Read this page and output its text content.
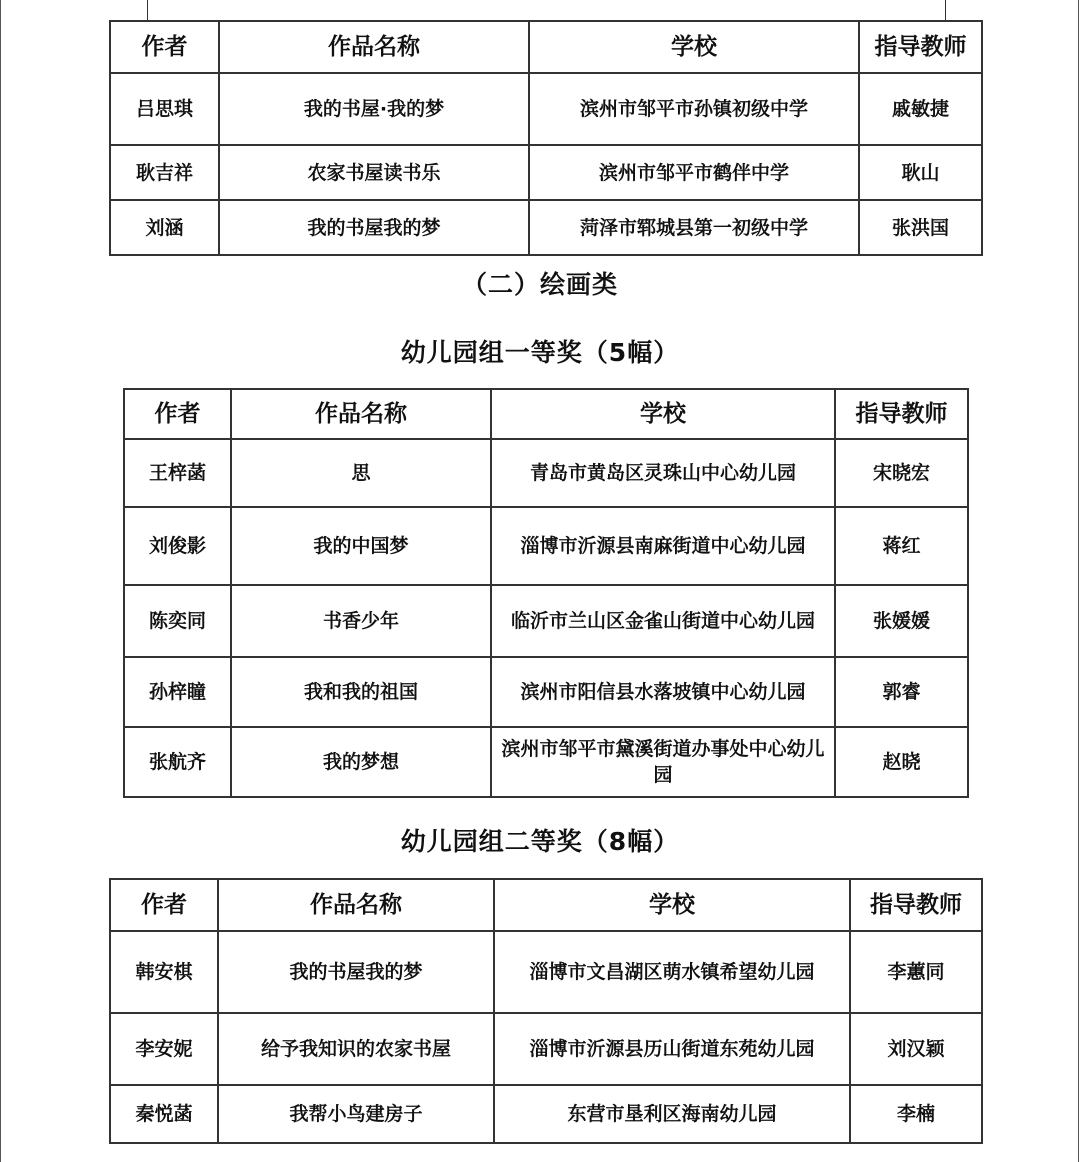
作者	作品名称	学校	指导教师
吕思琪	我的书屋·我的梦	滨州市邹平市孙镇初级中学	戚敏捷
耿吉祥	农家书屋读书乐	滨州市邹平市鹤伴中学	耿山
刘涵	我的书屋我的梦	菏泽市郓城县第一初级中学	张洪国
（二）绘画类
幼儿园组一等奖（5幅）
作者	作品名称	学校	指导教师
王梓菡	思	青岛市黄岛区灵珠山中心幼儿园	宋晓宏
刘俊影	我的中国梦	淄博市沂源县南麻街道中心幼儿园	蒋红
陈奕同	书香少年	临沂市兰山区金雀山街道中心幼儿园	张媛媛
孙梓瞳	我和我的祖国	滨州市阳信县水落坡镇中心幼儿园	郭睿
张航齐	我的梦想	滨州市邹平市黛溪街道办事处中心幼儿园	赵晓
幼儿园组二等奖（8幅）
作者	作品名称	学校	指导教师
韩安棋	我的书屋我的梦	淄博市文昌湖区萌水镇希望幼儿园	李蕙同
李安妮	给予我知识的农家书屋	淄博市沂源县历山街道东苑幼儿园	刘汉颖
秦悦菡	我帮小鸟建房子	东营市垦利区海南幼儿园	李楠
